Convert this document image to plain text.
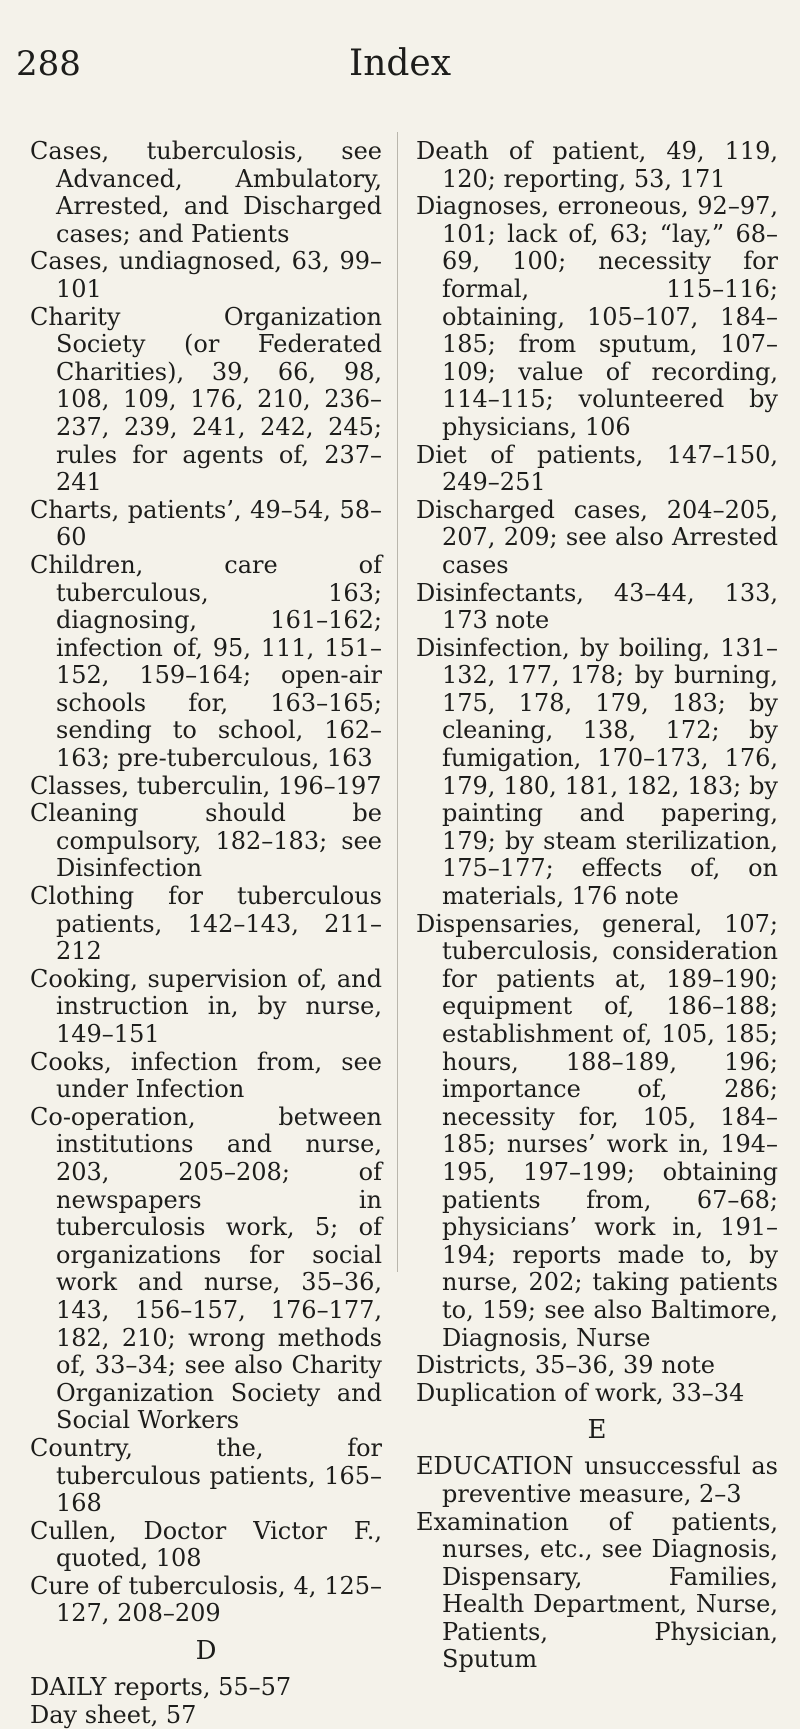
288	Index

Cases, tuberculosis, see Advanced, Ambulatory, Arrested, and Discharged cases; and Patients

Cases, undiagnosed, 63, 99–101

Charity Organization Society (or Federated Charities), 39, 66, 98, 108, 109, 176, 210, 236–237, 239, 241, 242, 245; rules for agents of, 237–241

Charts, patients’, 49–54, 58–60

Children, care of tuberculous, 163; diagnosing, 161–162; infection of, 95, 111, 151–152, 159–164; open-air schools for, 163–165; sending to school, 162–163; pre-tuberculous, 163

Classes, tuberculin, 196–197

Cleaning should be compulsory, 182–183; see Disinfection

Clothing for tuberculous patients, 142–143, 211–212

Cooking, supervision of, and instruction in, by nurse, 149–151

Cooks, infection from, see under Infection

Co-operation, between institutions and nurse, 203, 205–208; of newspapers in tuberculosis work, 5; of organizations for social work and nurse, 35–36, 143, 156–157, 176–177, 182, 210; wrong methods of, 33–34; see also Charity Organization Society and Social Workers

Country, the, for tuberculous patients, 165–168

Cullen, Doctor Victor F., quoted, 108

Cure of tuberculosis, 4, 125–127, 208–209

D

DAILY reports, 55–57

Day sheet, 57

Death of patient, 49, 119, 120; reporting, 53, 171

Diagnoses, erroneous, 92–97, 101; lack of, 63; “lay,” 68–69, 100; necessity for formal, 115–116; obtaining, 105–107, 184–185; from sputum, 107–109; value of recording, 114–115; volunteered by physicians, 106

Diet of patients, 147–150, 249–251

Discharged cases, 204–205, 207, 209; see also Arrested cases

Disinfectants, 43–44, 133, 173 note

Disinfection, by boiling, 131–132, 177, 178; by burning, 175, 178, 179, 183; by cleaning, 138, 172; by fumigation, 170–173, 176, 179, 180, 181, 182, 183; by painting and papering, 179; by steam sterilization, 175–177; effects of, on materials, 176 note

Dispensaries, general, 107; tuberculosis, consideration for patients at, 189–190; equipment of, 186–188; establishment of, 105, 185; hours, 188–189, 196; importance of, 286; necessity for, 105, 184–185; nurses’ work in, 194–195, 197–199; obtaining patients from, 67–68; physicians’ work in, 191–194; reports made to, by nurse, 202; taking patients to, 159; see also Baltimore, Diagnosis, Nurse

Districts, 35–36, 39 note

Duplication of work, 33–34

E

EDUCATION unsuccessful as preventive measure, 2–3

Examination of patients, nurses, etc., see Diagnosis, Dispensary, Families, Health Department, Nurse, Patients, Physician, Sputum
